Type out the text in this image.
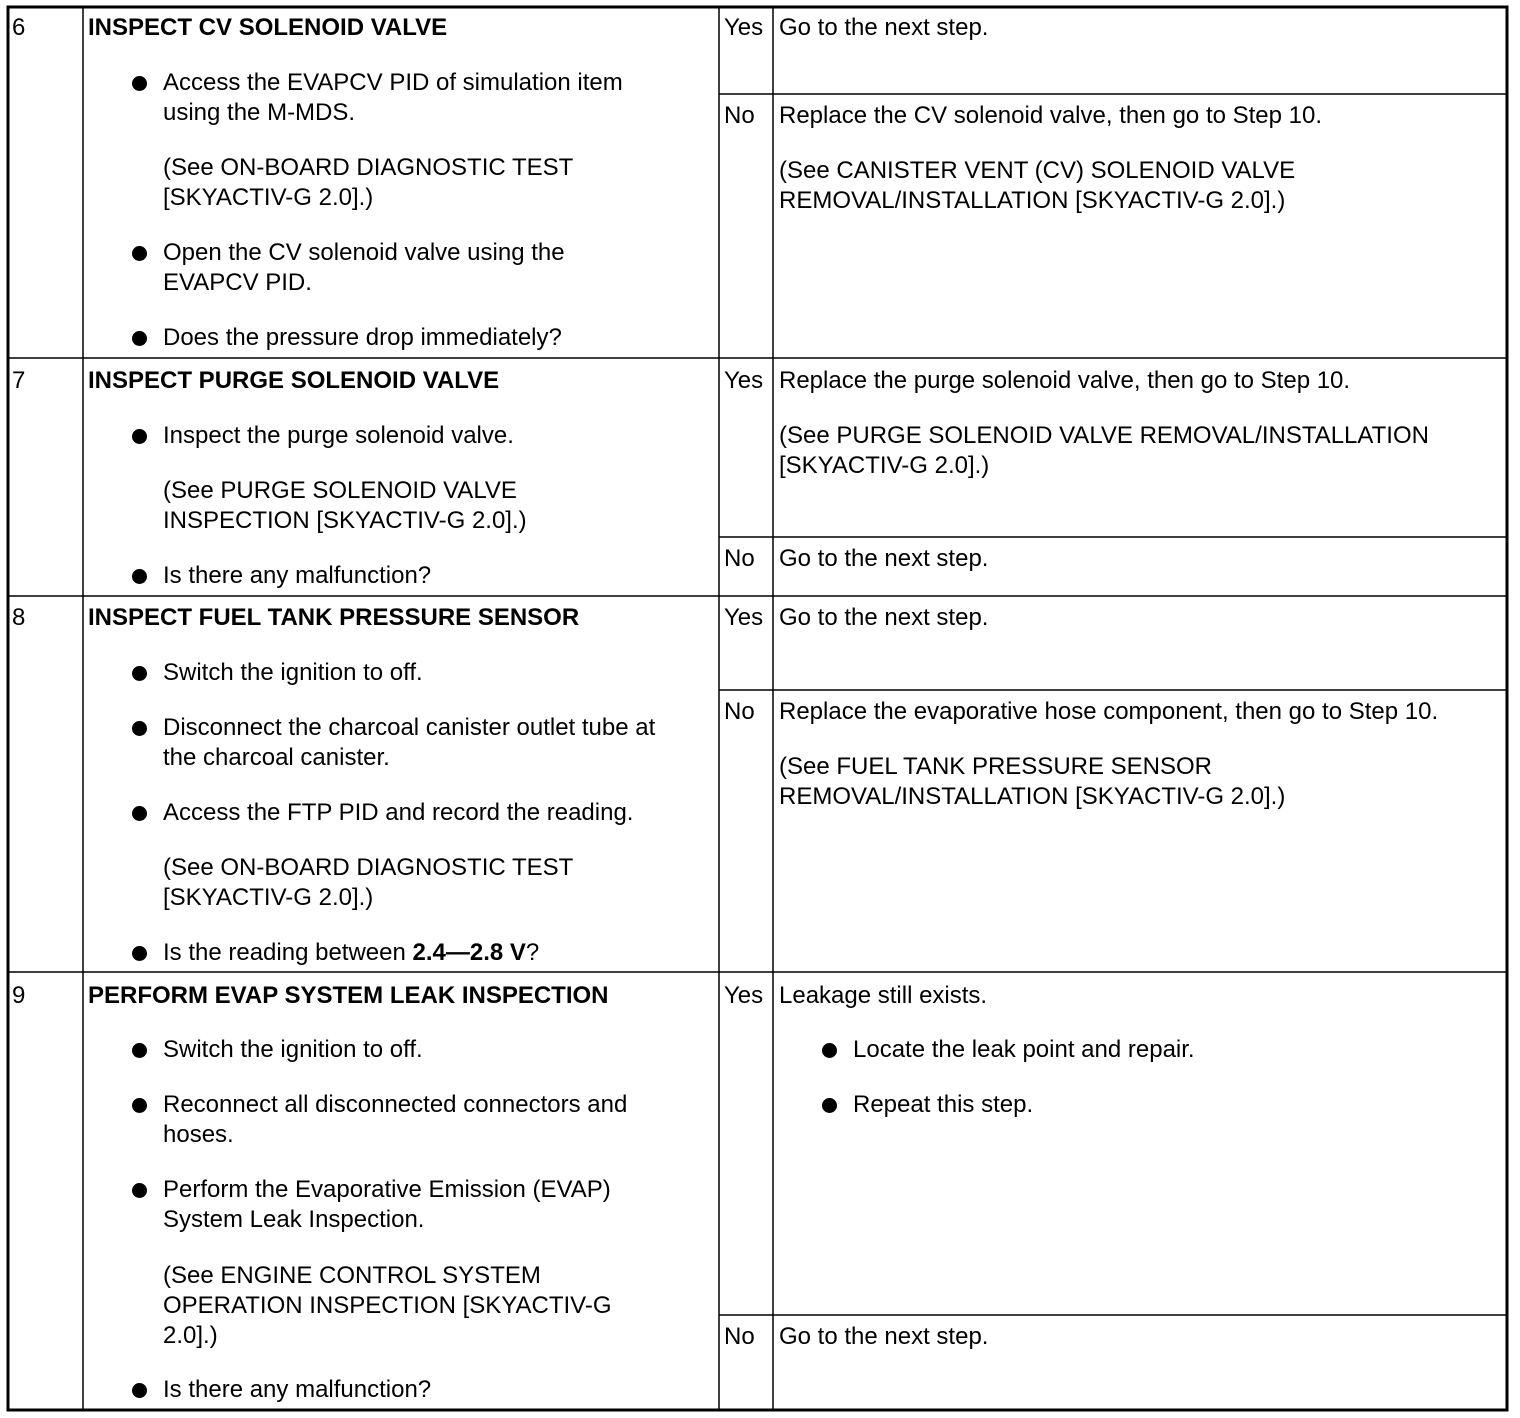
6	INSPECT CV SOLENOID VALVE
Access the EVAPCV PID of simulation item
using the M-MDS.
(See ON-BOARD DIAGNOSTIC TEST
[SKYACTIV-G 2.0].)
Open the CV solenoid valve using the
EVAPCV PID.
Does the pressure drop immediately?
Yes Go to the next step.
No Replace the CV solenoid valve, then go to Step 10.
(See CANISTER VENT (CV) SOLENOID VALVE
REMOVAL/INSTALLATION [SKYACTIV-G 2.0].)
7	INSPECT PURGE SOLENOID VALVE
Inspect the purge solenoid valve.
(See PURGE SOLENOID VALVE
INSPECTION [SKYACTIV-G 2.0].)
Is there any malfunction?
Yes Replace the purge solenoid valve, then go to Step 10.
(See PURGE SOLENOID VALVE REMOVAL/INSTALLATION
[SKYACTIV-G 2.0].)
No Go to the next step.
8	INSPECT FUEL TANK PRESSURE SENSOR
Switch the ignition to off.
Disconnect the charcoal canister outlet tube at
the charcoal canister.
Access the FTP PID and record the reading.
(See ON-BOARD DIAGNOSTIC TEST
[SKYACTIV-G 2.0].)
Is the reading between 2.4—2.8 V?
Yes Go to the next step.
No Replace the evaporative hose component, then go to Step 10.
(See FUEL TANK PRESSURE SENSOR
REMOVAL/INSTALLATION [SKYACTIV-G 2.0].)
9	PERFORM EVAP SYSTEM LEAK INSPECTION
Switch the ignition to off.
Reconnect all disconnected connectors and
hoses.
Perform the Evaporative Emission (EVAP)
System Leak Inspection.
(See ENGINE CONTROL SYSTEM
OPERATION INSPECTION [SKYACTIV-G
2.0].)
Is there any malfunction?
Yes Leakage still exists.
Locate the leak point and repair.
Repeat this step.
No Go to the next step.
